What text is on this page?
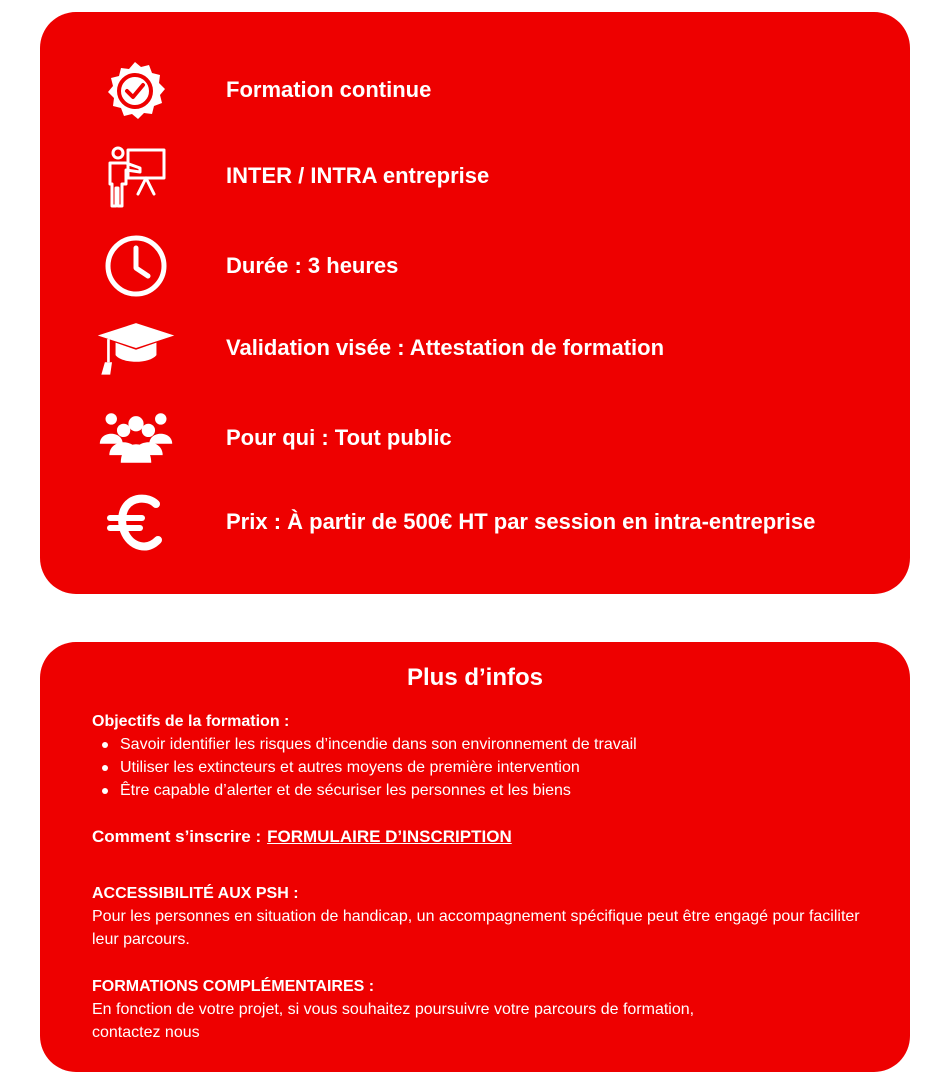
Formation continue
INTER / INTRA entreprise
Durée : 3 heures
Validation visée : Attestation de formation
Pour qui : Tout public
Prix : À partir de 500€ HT par session en intra-entreprise
Plus d’infos
Objectifs de la formation :
Savoir identifier les risques d’incendie dans son environnement de travail
Utiliser les extincteurs et autres moyens de première intervention
Être capable d’alerter et de sécuriser les personnes et les biens
Comment s’inscrire : FORMULAIRE D’INSCRIPTION
ACCESSIBILITÉ AUX PSH :
Pour les personnes en situation de handicap, un accompagnement spécifique peut être engagé pour faciliter leur parcours.
FORMATIONS COMPLÉMENTAIRES :
En fonction de votre projet, si vous souhaitez poursuivre votre parcours de formation,
contactez nous
